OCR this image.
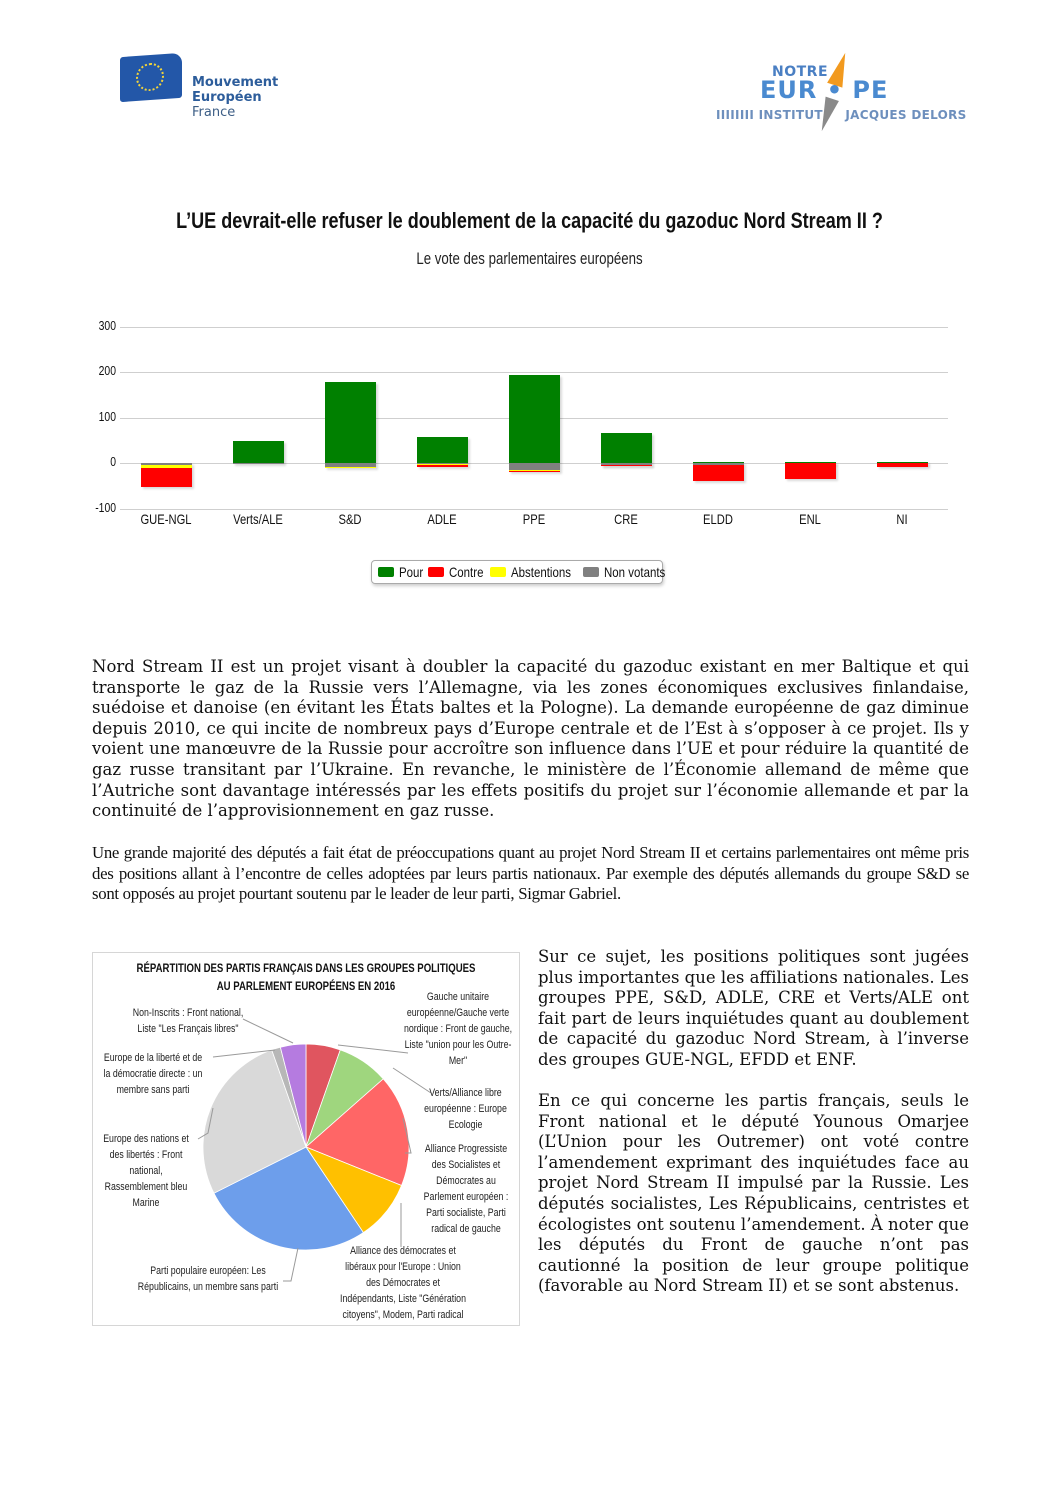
Mouvement
Européen
France
NOTRE
EUR • PE
IIIIIIII INSTITUT JACQUES DELORS
L’UE devrait-elle refuser le doublement de la capacité du gazoduc Nord Stream II ?
Le vote des parlementaires européens
300
200
100
0
-100
GUE-NGL	Verts/ALE	S&D	ADLE	PPE	CRE	ELDD	ENL	NI
Pour Contre Abstentions Non votants
Nord Stream II est un projet visant à doubler la capacité du gazoduc existant en mer Baltique et qui transporte le gaz de la Russie vers l’Allemagne, via les zones économiques exclusives finlandaise, suédoise et danoise (en évitant les États baltes et la Pologne). La demande européenne de gaz diminue depuis 2010, ce qui incite de nombreux pays d’Europe centrale et de l’Est à s’opposer à ce projet. Ils y voient une manœuvre de la Russie pour accroître son influence dans l’UE et pour réduire la quantité de gaz russe transitant par l’Ukraine. En revanche, le ministère de l’Économie allemand de même que l’Autriche sont davantage intéressés par les effets positifs du projet sur l’économie allemande et par la continuité de l’approvisionnement en gaz russe.
Une grande majorité des députés a fait état de préoccupations quant au projet Nord Stream II et certains parlementaires ont même pris des positions allant à l’encontre de celles adoptées par leurs partis nationaux. Par exemple des députés allemands du groupe S&D se sont opposés au projet pourtant soutenu par le leader de leur parti, Sigmar Gabriel.
RÉPARTITION DES PARTIS FRANÇAIS DANS LES GROUPES POLITIQUES
AU PARLEMENT EUROPÉENS EN 2016
Non-Inscrits : Front national, Liste "Les Français libres"
Gauche unitaire européenne/Gauche verte nordique : Front de gauche, Liste "union pour les Outre-Mer"
Europe de la liberté et de la démocratie directe : un membre sans parti	Verts/Alliance libre européenne : Europe Ecologie
Europe des nations et des libertés : Front national, Rassemblement bleu Marine
Alliance Progressiste des Socialistes et Démocrates au Parlement européen : Parti socialiste, Parti radical de gauche
Alliance des démocrates et libéraux pour l'Europe : Union des Démocrates et Indépendants, Liste "Génération citoyens", Modem, Parti radical
Parti populaire européen: Les Républicains, un membre sans parti
Sur ce sujet, les positions politiques sont jugées plus importantes que les affiliations nationales. Les groupes PPE, S&D, ADLE, CRE et Verts/ALE ont fait part de leurs inquiétudes quant au doublement de capacité du gazoduc Nord Stream, à l’inverse des groupes GUE-NGL, EFDD et ENF.
En ce qui concerne les partis français, seuls le Front national et le député Younous Omarjee (L’Union pour les Outremer) ont voté contre l’amendement exprimant des inquiétudes face au projet Nord Stream II impulsé par la Russie. Les députés socialistes, Les Républicains, centristes et écologistes ont soutenu l’amendement. À noter que les députés du Front de gauche n’ont pas cautionné la position de leur groupe politique (favorable au Nord Stream II) et se sont abstenus.
